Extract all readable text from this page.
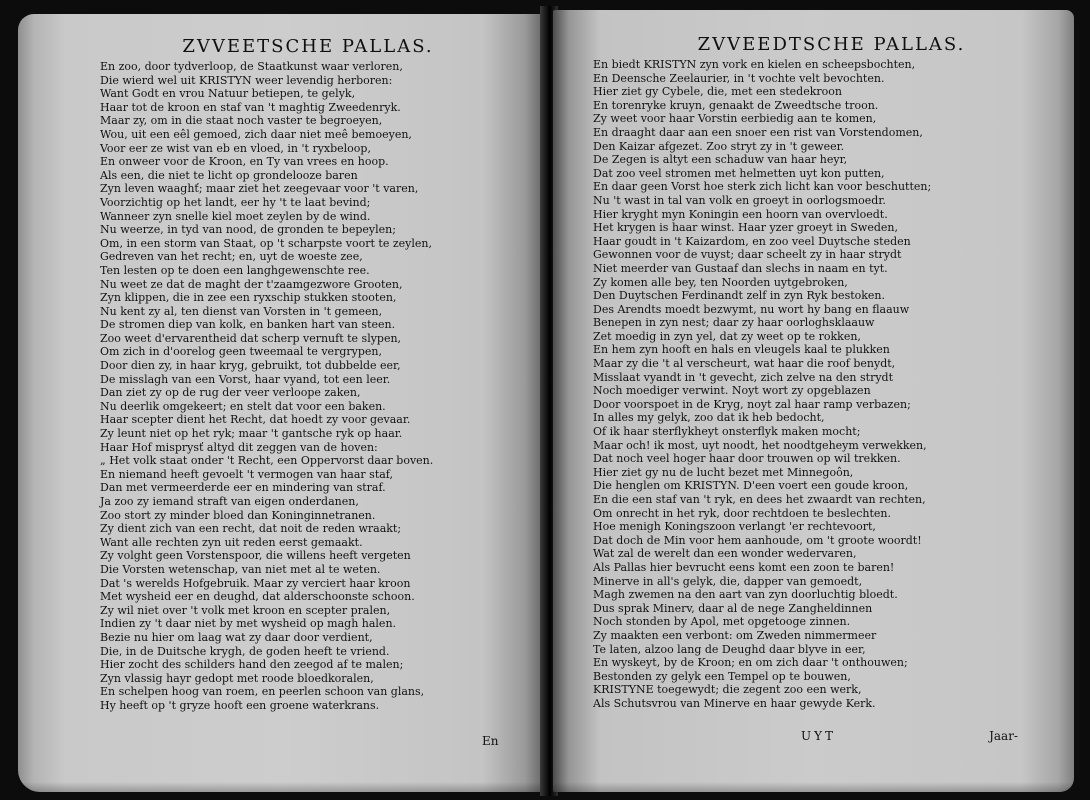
ZVVEETSCHE PALLAS.
En zoo, door tydverloop, de Staatkunst waar verloren,
Die wierd wel uit KRISTYN weer levendig herboren:
Want Godt en vrou Natuur betiepen, te gelyk,
Haar tot de kroon en staf van 't maghtig Zweedenryk.
Maar zy, om in die staat noch vaster te begroeyen,
Wou, uit een eêl gemoed, zich daar niet meê bemoeyen,
Voor eer ze wist van eb en vloed, in 't ryxbeloop,
En onweer voor de Kroon, en Ty van vrees en hoop.
Als een, die niet te licht op grondelooze baren
Zyn leven waaghť; maar ziet het zeegevaar voor 't varen,
Voorzichtig op het landt, eer hy 't te laat bevind;
Wanneer zyn snelle kiel moet zeylen by de wind.
Nu weerze, in tyd van nood, de gronden te bepeylen;
Om, in een storm van Staat, op 't scharpste voort te zeylen,
Gedreven van het recht; en, uyt de woeste zee,
Ten lesten op te doen een langhgewenschte ree.
Nu weet ze dat de maght der t'zaamgezwore Grooten,
Zyn klippen, die in zee een ryxschip stukken stooten,
Nu kent zy al, ten dienst van Vorsten in 't gemeen,
De stromen diep van kolk, en banken hart van steen.
Zoo weet d'ervarentheid dat scherp vernuft te slypen,
Om zich in d'oorelog geen tweemaal te vergrypen,
Door dien zy, in haar kryg, gebruikt, tot dubbelde eer,
De misslagh van een Vorst, haar vyand, tot een leer.
Dan ziet zy op de rug der veer verloope zaken,
Nu deerlik omgekeert; en stelt dat voor een baken.
Haar scepter dient het Recht, dat hoedt zy voor gevaar.
Zy leunt niet op het ryk; maar 't gantsche ryk op haar.
Haar Hof misprysť altyd dit zeggen van de hoven:
„ Het volk staat onder 't Recht, een Oppervorst daar boven.
En niemand heeft gevoelt 't vermogen van haar staf,
Dan met vermeerderde eer en mindering van straf.
Ja zoo zy iemand straft van eigen onderdanen,
Zoo stort zy minder bloed dan Koninginnetranen.
Zy dient zich van een recht, dat noit de reden wraakt;
Want alle rechten zyn uit reden eerst gemaakt.
Zy volght geen Vorstenspoor, die willens heeft vergeten
Die Vorsten wetenschap, van niet met al te weten.
Dat 's werelds Hofgebruik. Maar zy verciert haar kroon
Met wysheid eer en deughd, dat alderschoonste schoon.
Zy wil niet over 't volk met kroon en scepter pralen,
Indien zy 't daar niet by met wysheid op magh halen.
Bezie nu hier om laag wat zy daar door verdient,
Die, in de Duitsche krygh, de goden heeft te vriend.
Hier zocht des schilders hand den zeegod af te malen;
Zyn vlassig hayr gedopt met roode bloedkoralen,
En schelpen hoog van roem, en peerlen schoon van glans,
Hy heeft op 't gryze hooft een groene waterkrans.
En
ZVVEEDTSCHE PALLAS.
En biedt KRISTYN zyn vork en kielen en scheepsbochten,
En Deensche Zeelaurier, in 't vochte velt bevochten.
Hier ziet gy Cybele, die, met een stedekroon
En torenryke kruyn, genaakt de Zweedtsche troon.
Zy weet voor haar Vorstin eerbiedig aan te komen,
En draaght daar aan een snoer een rist van Vorstendomen,
Den Kaizar afgezet. Zoo stryt zy in 't geweer.
De Zegen is altyt een schaduw van haar heyr,
Dat zoo veel stromen met helmetten uyt kon putten,
En daar geen Vorst hoe sterk zich licht kan voor beschutten;
Nu 't wast in tal van volk en groeyt in oorlogsmoedr.
Hier kryght myn Koningin een hoorn van overvloedt.
Het krygen is haar winst. Haar yzer groeyt in Sweden,
Haar goudt in 't Kaizardom, en zoo veel Duytsche steden
Gewonnen voor de vuyst; daar scheelt zy in haar strydt
Niet meerder van Gustaaf dan slechs in naam en tyt.
Zy komen alle bey, ten Noorden uytgebroken,
Den Duytschen Ferdinandt zelf in zyn Ryk bestoken.
Des Arendts moedt bezwymt, nu wort hy bang en flaauw
Benepen in zyn nest; daar zy haar oorloghsklaauw
Zet moedig in zyn yel, dat zy weet op te rokken,
En hem zyn hooft en hals en vleugels kaal te plukken
Maar zy die 't al verscheurt, wat haar die roof benydt,
Misslaat vyandt in 't gevecht, zich zelve na den strydt
Noch moediger verwint. Noyt wort zy opgeblazen
Door voorspoet in de Kryg, noyt zal haar ramp verbazen;
In alles my gelyk, zoo dat ik heb bedocht,
Of ik haar sterflykheyt onsterflyk maken mocht;
Maar och! ik most, uyt noodt, het noodtgeheym verwekken,
Dat noch veel hoger haar door trouwen op wil trekken.
Hier ziet gy nu de lucht bezet met Minnegoôn,
Die henglen om KRISTYN. D'een voert een goude kroon,
En die een staf van 't ryk, en dees het zwaardt van rechten,
Om onrecht in het ryk, door rechtdoen te beslechten.
Hoe menigh Koningszoon verlangt 'er rechtevoort,
Dat doch de Min voor hem aanhoude, om 't groote woordt!
Wat zal de werelt dan een wonder wedervaren,
Als Pallas hier bevrucht eens komt een zoon te baren!
Minerve in all's gelyk, die, dapper van gemoedt,
Magh zwemen na den aart van zyn doorluchtig bloedt.
Dus sprak Minerv, daar al de nege Zangheldinnen
Noch stonden by Apol, met opgetooge zinnen.
Zy maakten een verbont: om Zweden nimmermeer
Te laten, alzoo lang de Deughd daar blyve in eer,
En wyskeyt, by de Kroon; en om zich daar 't onthouwen;
Bestonden zy gelyk een Tempel op te bouwen,
KRISTYNE toegewydt; die zegent zoo een werk,
Als Schutsvrou van Minerve en haar gewyde Kerk.
UYT	Jaar-
